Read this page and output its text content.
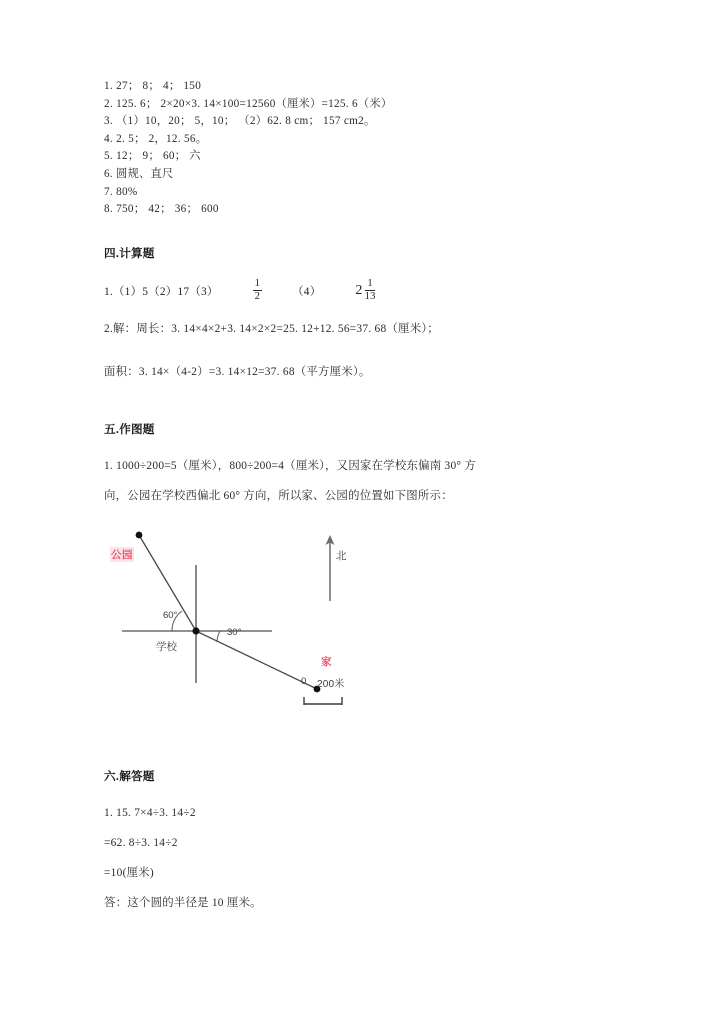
1. 27； 8； 4； 150
2. 125. 6； 2×20×3. 14×100=12560（厘米）=125. 6（米）
3. （1）10，20； 5，10； （2）62. 8 cm； 157 cm2。
4. 2. 5； 2，12. 56。
5. 12； 9； 60； 六
6. 圆规、直尺
7. 80%
8. 750； 42； 36； 600
四.计算题
1.（1）5（2）17（3）	$\frac{1}{2}$	（4） $2 \frac{1}{13}$
2.解：周长：3. 14×4×2+3. 14×2×2=25. 12+12. 56=37. 68（厘米）；
面积：3. 14×（4-2）=3. 14×12=37. 68（平方厘米）。
五.作图题
1. 1000÷200=5（厘米），800÷200=4（厘米），又因家在学校东偏南 30° 方
向，公园在学校西偏北 60° 方向，所以家、公园的位置如下图所示：
公园
家
北
学校
60°
30°
0 200米
六.解答题
1. 15. 7×4÷3. 14÷2
=62. 8÷3. 14÷2
=10(厘米)
答：这个圆的半径是 10 厘米。
